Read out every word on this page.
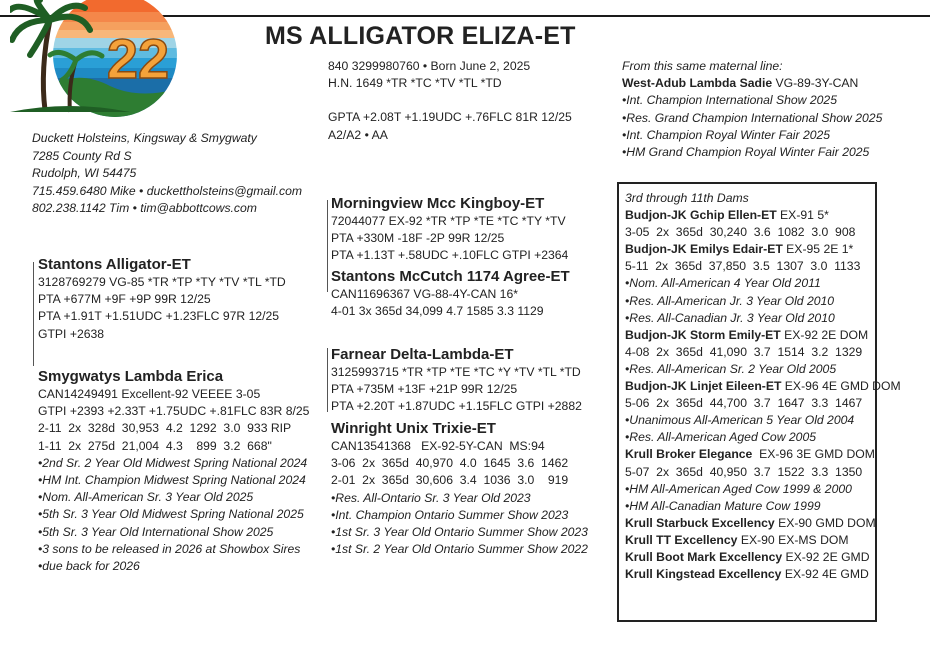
22	MS ALLIGATOR ELIZA-ET
840 3299980760 • Born June 2, 2025
H.N. 1649 *TR *TC *TV *TL *TD
GPTA +2.08T +1.19UDC +.76FLC 81R 12/25
A2/A2 • AA
Duckett Holsteins, Kingsway & Smygwaty
7285 County Rd S
Rudolph, WI 54475
715.459.6480 Mike • duckettholsteins@gmail.com
802.238.1142 Tim • tim@abbottcows.com
From this same maternal line:
West-Adub Lambda Sadie VG-89-3Y-CAN
•Int. Champion International Show 2025
•Res. Grand Champion International Show 2025
•Int. Champion Royal Winter Fair 2025
•HM Grand Champion Royal Winter Fair 2025
Stantons Alligator-ET
3128769279 VG-85 *TR *TP *TY *TV *TL *TD
PTA +677M +9F +9P 99R 12/25
PTA +1.91T +1.51UDC +1.23FLC 97R 12/25
GTPI +2638
Smygwatys Lambda Erica
CAN14249491 Excellent-92 VEEEE 3-05
GTPI +2393 +2.33T +1.75UDC +.81FLC 83R 8/25
2-11  2x  328d  30,953  4.2  1292  3.0  933 RIP
1-11  2x  275d  21,004  4.3    899  3.2  668"
•2nd Sr. 2 Year Old Midwest Spring National 2024
•HM Int. Champion Midwest Spring National 2024
•Nom. All-American Sr. 3 Year Old 2025
•5th Sr. 3 Year Old Midwest Spring National 2025
•5th Sr. 3 Year Old International Show 2025
•3 sons to be released in 2026 at Showbox Sires
•due back for 2026
Morningview Mcc Kingboy-ET
72044077 EX-92 *TR *TP *TE *TC *TY *TV
PTA +330M -18F -2P 99R 12/25
PTA +1.13T +.58UDC +.10FLC GTPI +2364
Stantons McCutch 1174 Agree-ET
CAN11696367 VG-88-4Y-CAN 16*
4-01 3x 365d 34,099 4.7 1585 3.3 1129
Farnear Delta-Lambda-ET
3125993715 *TR *TP *TE *TC *Y *TV *TL *TD
PTA +735M +13F +21P 99R 12/25
PTA +2.20T +1.87UDC +1.15FLC GTPI +2882
Winright Unix Trixie-ET
CAN13541368   EX-92-5Y-CAN  MS:94
3-06  2x  365d  40,970  4.0  1645  3.6  1462
2-01  2x  365d  30,606  3.4  1036  3.0    919
•Res. All-Ontario Sr. 3 Year Old 2023
•Int. Champion Ontario Summer Show 2023
•1st Sr. 3 Year Old Ontario Summer Show 2023
•1st Sr. 2 Year Old Ontario Summer Show 2022
3rd through 11th Dams
Budjon-JK Gchip Ellen-ET EX-91 5*
3-05  2x  365d  30,240  3.6  1082  3.0  908
Budjon-JK Emilys Edair-ET EX-95 2E 1*
5-11  2x  365d  37,850  3.5  1307  3.0  1133
•Nom. All-American 4 Year Old 2011
•Res. All-American Jr. 3 Year Old 2010
•Res. All-Canadian Jr. 3 Year Old 2010
Budjon-JK Storm Emily-ET EX-92 2E DOM
4-08  2x  365d  41,090  3.7  1514  3.2  1329
•Res. All-American Sr. 2 Year Old 2005
Budjon-JK Linjet Eileen-ET EX-96 4E GMD DOM
5-06  2x  365d  44,700  3.7  1647  3.3  1467
•Unanimous All-American 5 Year Old 2004
•Res. All-American Aged Cow 2005
Krull Broker Elegance  EX-96 3E GMD DOM
5-07  2x  365d  40,950  3.7  1522  3.3  1350
•HM All-American Aged Cow 1999 & 2000
•HM All-Canadian Mature Cow 1999
Krull Starbuck Excellency EX-90 GMD DOM
Krull TT Excellency EX-90 EX-MS DOM
Krull Boot Mark Excellency EX-92 2E GMD
Krull Kingstead Excellency EX-92 4E GMD
